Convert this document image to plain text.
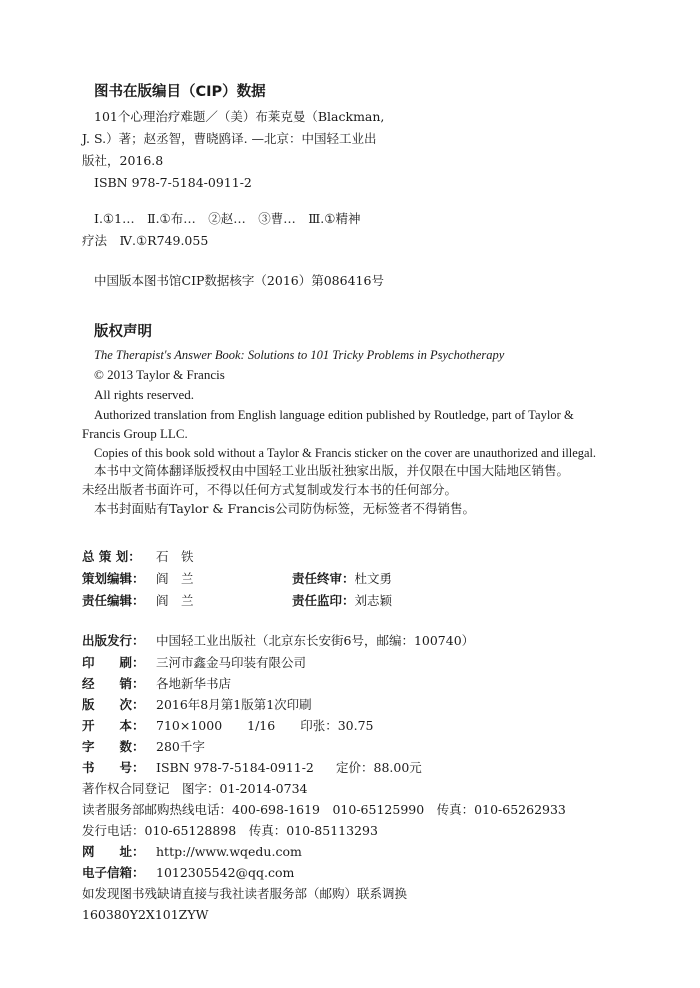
图书在版编目（CIP）数据
101个心理治疗难题／（美）布莱克曼（Blackman,
J. S.）著；赵丞智，曹晓鸥译. —北京：中国轻工业出
版社，2016.8
ISBN 978-7-5184-0911-2
Ⅰ.①1…　Ⅱ.①布…　②赵…　③曹…　Ⅲ.①精神
疗法　Ⅳ.①R749.055
中国版本图书馆CIP数据核字（2016）第086416号
版权声明
The Therapist's Answer Book: Solutions to 101 Tricky Problems in Psychotherapy
© 2013 Taylor & Francis
All rights reserved.
Authorized translation from English language edition published by Routledge, part of Taylor &
Francis Group LLC.
Copies of this book sold without a Taylor & Francis sticker on the cover are unauthorized and illegal.
本书中文简体翻译版授权由中国轻工业出版社独家出版，并仅限在中国大陆地区销售。
未经出版者书面许可，不得以任何方式复制或发行本书的任何部分。
本书封面贴有Taylor & Francis公司防伪标签，无标签者不得销售。
总 策 划： 石　铁
策划编辑： 阎　兰	责任终审：杜文勇
责任编辑： 阎　兰	责任监印：刘志颖
出版发行： 中国轻工业出版社（北京东长安街6号，邮编：100740）
印　　刷： 三河市鑫金马印装有限公司
经　　销： 各地新华书店
版　　次： 2016年8月第1版第1次印刷
开　　本： 710×1000　　1/16　　印张：30.75
字　　数： 280千字
书　　号： ISBN 978-7-5184-0911-2 定价：88.00元
著作权合同登记　图字：01-2014-0734
读者服务部邮购热线电话：400-698-1619　010-65125990　传真：010-65262933
发行电话：010-65128898　传真：010-85113293
网　　址： http://www.wqedu.com
电子信箱： 1012305542@qq.com
如发现图书残缺请直接与我社读者服务部（邮购）联系调换
160380Y2X101ZYW
